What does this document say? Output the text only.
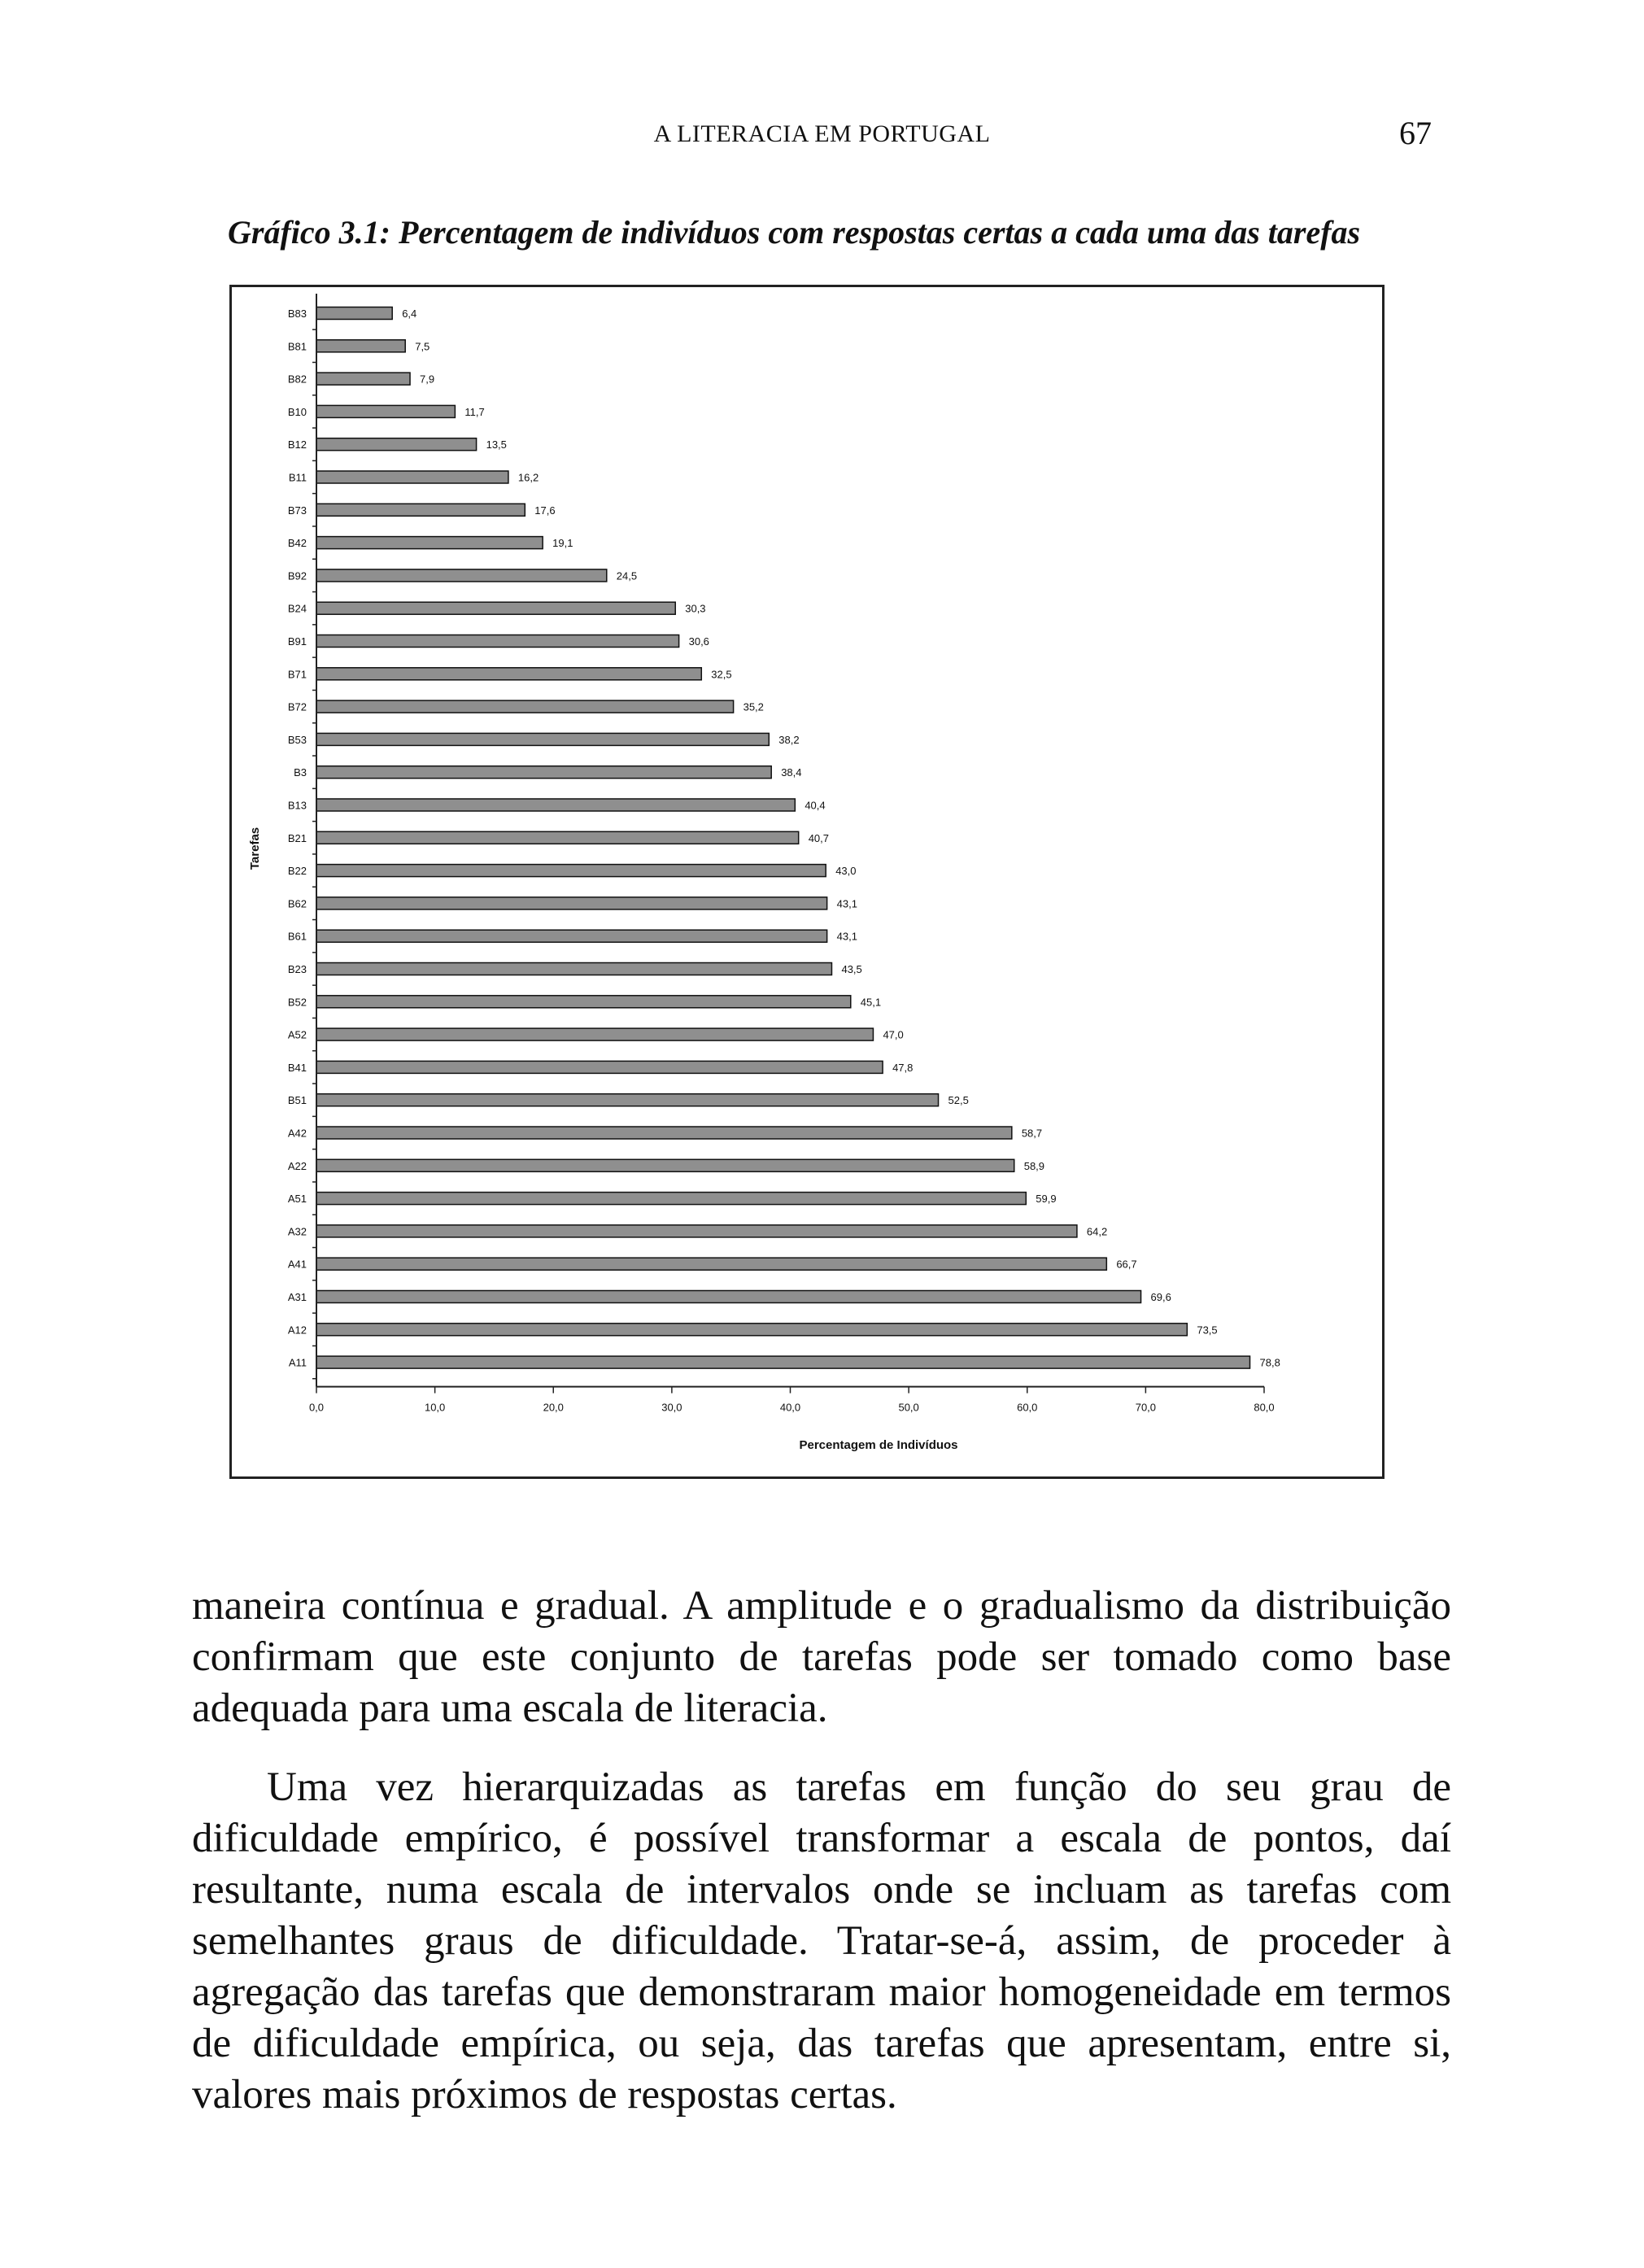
A LITERACIA EM PORTUGAL	67
Gráfico 3.1: Percentagem de indivíduos com respostas certas a cada uma das tarefas
0,0	10,0	20,0	30,0	40,0	50,0	60,0	70,0	80,0
B83	6,4
B81	7,5
B82	7,9
B10	11,7
B12	13,5
B11	16,2
B73	17,6
B42	19,1
B92	24,5
B24	30,3
B91	30,6
B71	32,5
B72	35,2
B53	38,2
B3	38,4
B13	40,4
B21	40,7
B22	43,0
B62	43,1
B61	43,1
B23	43,5
B52	45,1
A52	47,0
B41	47,8
B51	52,5
A42	58,7
A22	58,9
A51	59,9
A32	64,2
A41	66,7
A31	69,6
A12	73,5
A11	78,8
Percentagem de Indivíduos
Tarefas

maneira contínua e gradual. A amplitude e o gradualismo da distribuição confirmam que este conjunto de tarefas pode ser tomado como base adequada para uma escala de literacia.

Uma vez hierarquizadas as tarefas em função do seu grau de dificuldade empírico, é possível transformar a escala de pontos, daí resultante, numa escala de intervalos onde se incluam as tarefas com semelhantes graus de dificuldade. Tratar-se-á, assim, de proceder à agregação das tarefas que demonstraram maior homogeneidade em termos de dificuldade empírica, ou seja, das tarefas que apresentam, entre si, valores mais próximos de respostas certas.
